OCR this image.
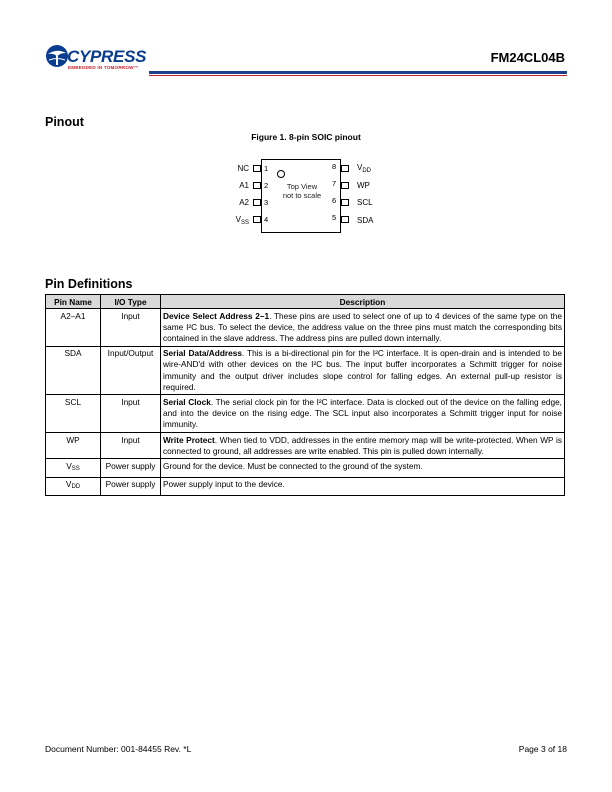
CYPRESS
EMBEDDED IN TOMORROW™
FM24CL04B
Pinout
Figure 1. 8-pin SOIC pinout
Top View
not to scale
1
2
3
4
NC
A1
A2
$V_{SS}$
8
7
6
5
$V_{DD}$
WP
SCL
SDA
Pin Definitions
Pin Name	I/O Type	Description
A2–A1	Input	Device Select Address 2–1. These pins are used to select one of up to 4 devices of the same type on the same I²C bus. To select the device, the address value on the three pins must match the corresponding bits contained in the slave address. The address pins are pulled down internally.
SDA	Input/Output	Serial Data/Address. This is a bi-directional pin for the I²C interface. It is open-drain and is intended to be wire-AND'd with other devices on the I²C bus. The input buffer incorporates a Schmitt trigger for noise immunity and the output driver includes slope control for falling edges. An external pull-up resistor is required.
SCL	Input	Serial Clock. The serial clock pin for the I²C interface. Data is clocked out of the device on the falling edge, and into the device on the rising edge. The SCL input also incorporates a Schmitt trigger input for noise immunity.
WP	Input	Write Protect. When tied to VDD, addresses in the entire memory map will be write-protected. When WP is connected to ground, all addresses are write enabled. This pin is pulled down internally.
$V_{SS}$	Power supply	Ground for the device. Must be connected to the ground of the system.
$V_{DD}$	Power supply	Power supply input to the device.
Document Number: 001-84455 Rev. *L	Page 3 of 18
